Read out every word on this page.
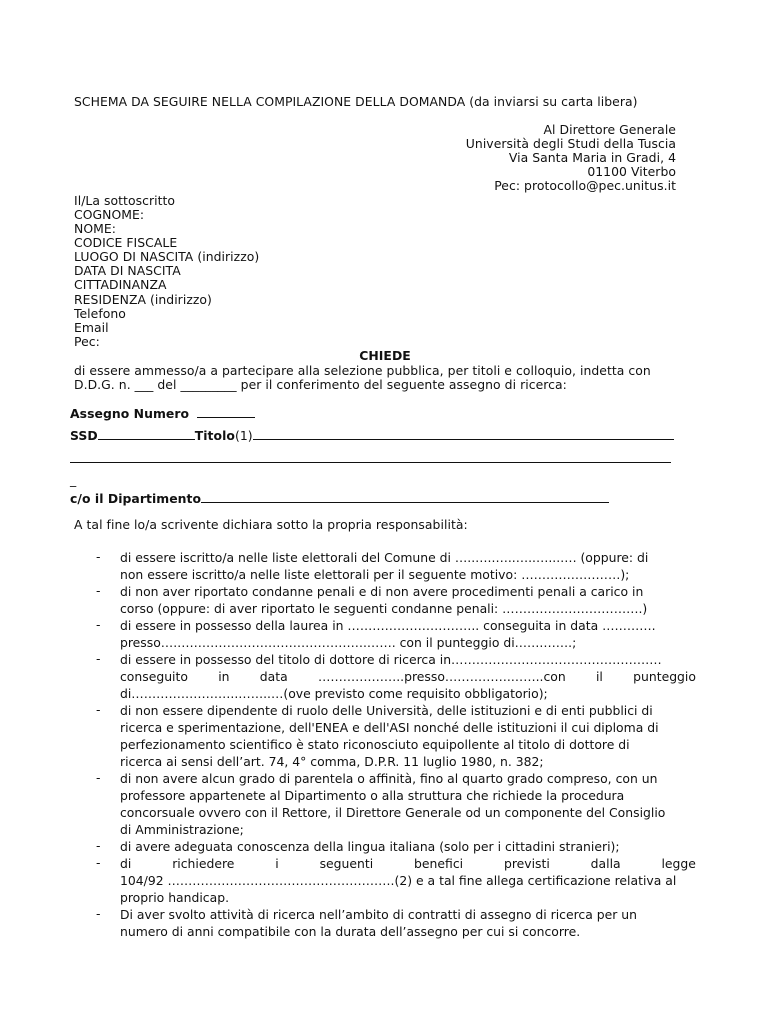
SCHEMA DA SEGUIRE NELLA COMPILAZIONE DELLA DOMANDA (da inviarsi su carta libera)
Al Direttore Generale
Università degli Studi della Tuscia
Via Santa Maria in Gradi, 4
01100 Viterbo
Pec: protocollo@pec.unitus.it
Il/La sottoscritto
COGNOME:
NOME:
CODICE FISCALE
LUOGO DI NASCITA (indirizzo)
DATA DI NASCITA
CITTADINANZA
RESIDENZA (indirizzo)
Telefono
Email
Pec:
CHIEDE
di essere ammesso/a a partecipare alla selezione pubblica, per titoli e colloquio, indetta con
D.D.G. n. ___ del _________ per il conferimento del seguente assegno di ricerca:
Assegno Numero
SSD	Titolo(1)
_
c/o il Dipartimento
A tal fine lo/a scrivente dichiara sotto la propria responsabilità:
- di essere iscritto/a nelle liste elettorali del Comune di …..…..…..…..…...…. (oppure: di
non essere iscritto/a nelle liste elettorali per il seguente motivo: ……………………);
- di non aver riportato condanne penali e di non avere procedimenti penali a carico in
corso (oppure: di aver riportato le seguenti condanne penali: …………………………….)
- di essere in possesso della laurea in ………………………….. conseguita in data ………….
presso….……………………………………….……. con il punteggio di…….…….;
- di essere in possesso del titolo di dottore di ricerca in……………………………………………
conseguito in data ………….……..presso…………….……..con il punteggio
di……………………..……..…(ove previsto come requisito obbligatorio);
- di non essere dipendente di ruolo delle Università, delle istituzioni e di enti pubblici di
ricerca e sperimentazione, dell'ENEA e dell'ASI nonché delle istituzioni il cui diploma di
perfezionamento scientifico è stato riconosciuto equipollente al titolo di dottore di
ricerca ai sensi dell’art. 74, 4° comma, D.P.R. 11 luglio 1980, n. 382;
- di non avere alcun grado di parentela o affinità, fino al quarto grado compreso, con un
professore appartenete al Dipartimento o alla struttura che richiede la procedura
concorsuale ovvero con il Rettore, il Direttore Generale od un componente del Consiglio
di Amministrazione;
- di avere adeguata conoscenza della lingua italiana (solo per i cittadini stranieri);
- di	richiedere	i	seguenti	benefici	previsti	dalla	legge
104/92 ……………………………………………….(2) e a tal fine allega certificazione relativa al
proprio handicap.
- Di aver svolto attività di ricerca nell’ambito di contratti di assegno di ricerca per un
numero di anni compatibile con la durata dell’assegno per cui si concorre.
